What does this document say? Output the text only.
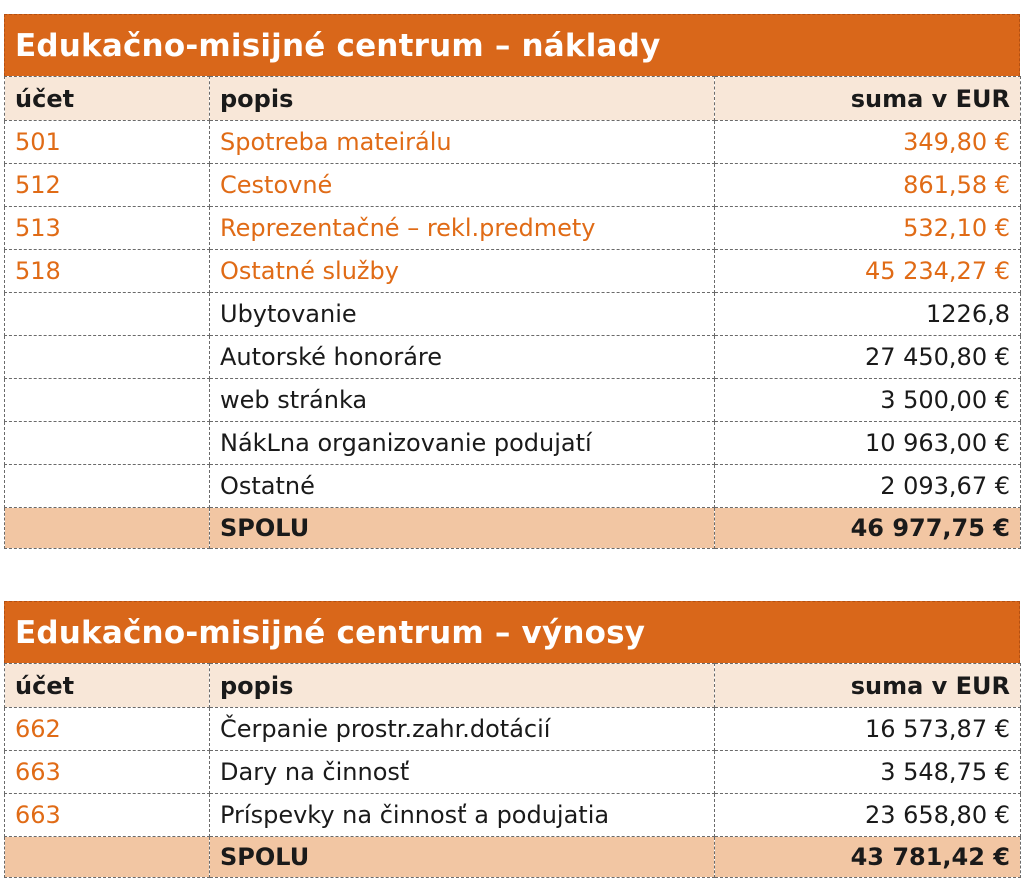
Edukačno-misijné centrum – náklady
účet	popis	suma v EUR
501	Spotreba mateirálu	349,80 €
512	Cestovné	861,58 €
513	Reprezentačné – rekl.predmety	532,10 €
518	Ostatné služby	45 234,27 €
	Ubytovanie	1226,8
	Autorské honoráre	27 450,80 €
	web stránka	3 500,00 €
	NákLna organizovanie podujatí	10 963,00 €
	Ostatné	2 093,67 €
	SPOLU	46 977,75 €
Edukačno-misijné centrum – výnosy
účet	popis	suma v EUR
662	Čerpanie prostr.zahr.dotácií	16 573,87 €
663	Dary na činnosť	3 548,75 €
663	Príspevky na činnosť a podujatia	23 658,80 €
	SPOLU	43 781,42 €
